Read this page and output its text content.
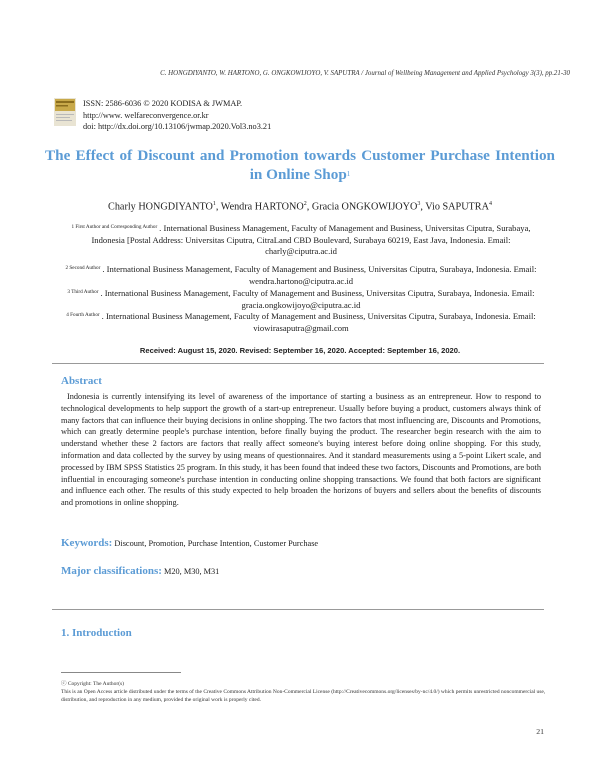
C. HONGDIYANTO, W. HARTONO, G. ONGKOWIJOYO, V. SAPUTRA / Journal of Wellbeing Management and Applied Psychology 3(3), pp.21-30
ISSN: 2586-6036 © 2020 KODISA & JWMAP.
http://www. welfareconvergence.or.kr
doi: http://dx.doi.org/10.13106/jwmap.2020.Vol3.no3.21
The Effect of Discount and Promotion towards Customer Purchase Intention in Online Shop1
Charly HONGDIYANTO$^1$, Wendra HARTONO$^2$, Gracia ONGKOWIJOYO$^3$, Vio SAPUTRA$^4$
$^{1 First Author and Corresponding Author}$ . International Business Management, Faculty of Management and Business, Universitas Ciputra, Surabaya, Indonesia [Postal Address: Universitas Ciputra, CitraLand CBD Boulevard, Surabaya 60219, East Java, Indonesia. Email: charly@ciputra.ac.id
$^{2 Second Author}$ . International Business Management, Faculty of Management and Business, Universitas Ciputra, Surabaya, Indonesia. Email: wendra.hartono@ciputra.ac.id
$^{3 Third Author}$ . International Business Management, Faculty of Management and Business, Universitas Ciputra, Surabaya, Indonesia. Email: gracia.ongkowijoyo@ciputra.ac.id
$^{4 Fourth Author}$ . International Business Management, Faculty of Management and Business, Universitas Ciputra, Surabaya, Indonesia. Email: viowirasaputra@gmail.com
Received: August 15, 2020. Revised: September 16, 2020. Accepted: September 16, 2020.
Abstract

Indonesia is currently intensifying its level of awareness of the importance of starting a business as an entrepreneur. How to respond to technological developments to help support the growth of a start-up entrepreneur. Usually before buying a product, customers always think of many factors that can influence their buying decisions in online shopping. The two factors that most influencing are, Discounts and Promotions, which can greatly determine people's purchase intention, before finally buying the product. The researcher begin research with the aim to understand whether these 2 factors are factors that really affect someone's buying interest before doing online shopping. For this study, information and data collected by the survey by using means of questionnaires. And it standard measurements using a 5-point Likert scale, and processed by IBM SPSS Statistics 25 program. In this study, it has been found that indeed these two factors, Discounts and Promotions, are both influential in encouraging someone's purchase intention in conducting online shopping transactions. We found that both factors are significant and influence each other. The results of this study expected to help broaden the horizons of buyers and sellers about the benefits of discounts and promotions in online shopping.

Keywords: Discount, Promotion, Purchase Intention, Customer Purchase
Major classifications: M20, M30, M31
1. Introduction
ⓒ Copyright: The Author(s)
This is an Open Access article distributed under the terms of the Creative Commons Attribution Non-Commercial License (http://Creativecommons.org/licenses/by-nc/4.0/) which permits unrestricted noncommercial use, distribution, and reproduction in any medium, provided the original work is properly cited.
21
